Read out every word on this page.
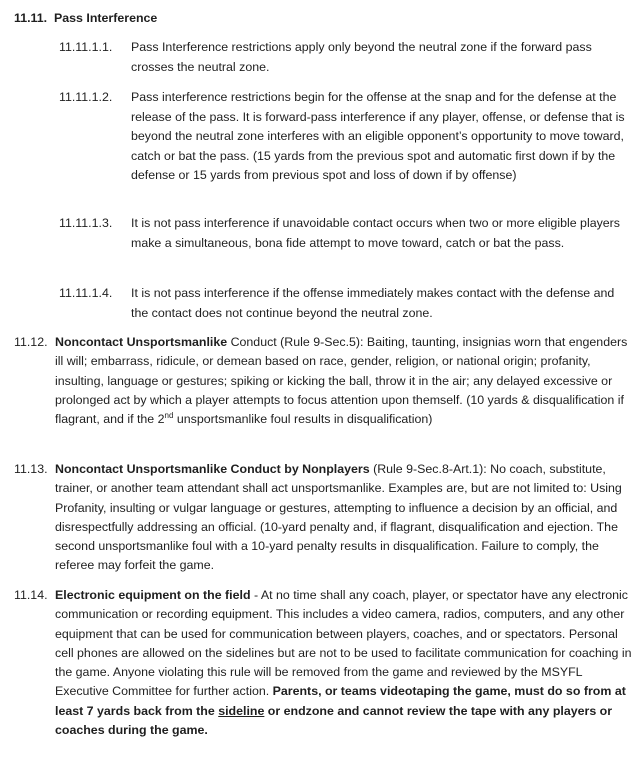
11.11. Pass Interference
11.11.1.1. Pass Interference restrictions apply only beyond the neutral zone if the forward pass crosses the neutral zone.
11.11.1.2. Pass interference restrictions begin for the offense at the snap and for the defense at the release of the pass. It is forward-pass interference if any player, offense, or defense that is beyond the neutral zone interferes with an eligible opponent’s opportunity to move toward, catch or bat the pass. (15 yards from the previous spot and automatic first down if by the defense or 15 yards from previous spot and loss of down if by offense)
11.11.1.3. It is not pass interference if unavoidable contact occurs when two or more eligible players make a simultaneous, bona fide attempt to move toward, catch or bat the pass.
11.11.1.4. It is not pass interference if the offense immediately makes contact with the defense and the contact does not continue beyond the neutral zone.
11.12. Noncontact Unsportsmanlike Conduct (Rule 9-Sec.5): Baiting, taunting, insignias worn that engenders ill will; embarrass, ridicule, or demean based on race, gender, religion, or national origin; profanity, insulting, language or gestures; spiking or kicking the ball, throw it in the air; any delayed excessive or prolonged act by which a player attempts to focus attention upon themself. (10 yards & disqualification if flagrant, and if the 2nd unsportsmanlike foul results in disqualification)
11.13. Noncontact Unsportsmanlike Conduct by Nonplayers (Rule 9-Sec.8-Art.1): No coach, substitute, trainer, or another team attendant shall act unsportsmanlike. Examples are, but are not limited to: Using Profanity, insulting or vulgar language or gestures, attempting to influence a decision by an official, and disrespectfully addressing an official. (10-yard penalty and, if flagrant, disqualification and ejection. The second unsportsmanlike foul with a 10-yard penalty results in disqualification. Failure to comply, the referee may forfeit the game.
11.14. Electronic equipment on the field - At no time shall any coach, player, or spectator have any electronic communication or recording equipment. This includes a video camera, radios, computers, and any other equipment that can be used for communication between players, coaches, and or spectators. Personal cell phones are allowed on the sidelines but are not to be used to facilitate communication for coaching in the game. Anyone violating this rule will be removed from the game and reviewed by the MSYFL Executive Committee for further action. Parents, or teams videotaping the game, must do so from at least 7 yards back from the sideline or endzone and cannot review the tape with any players or coaches during the game.
